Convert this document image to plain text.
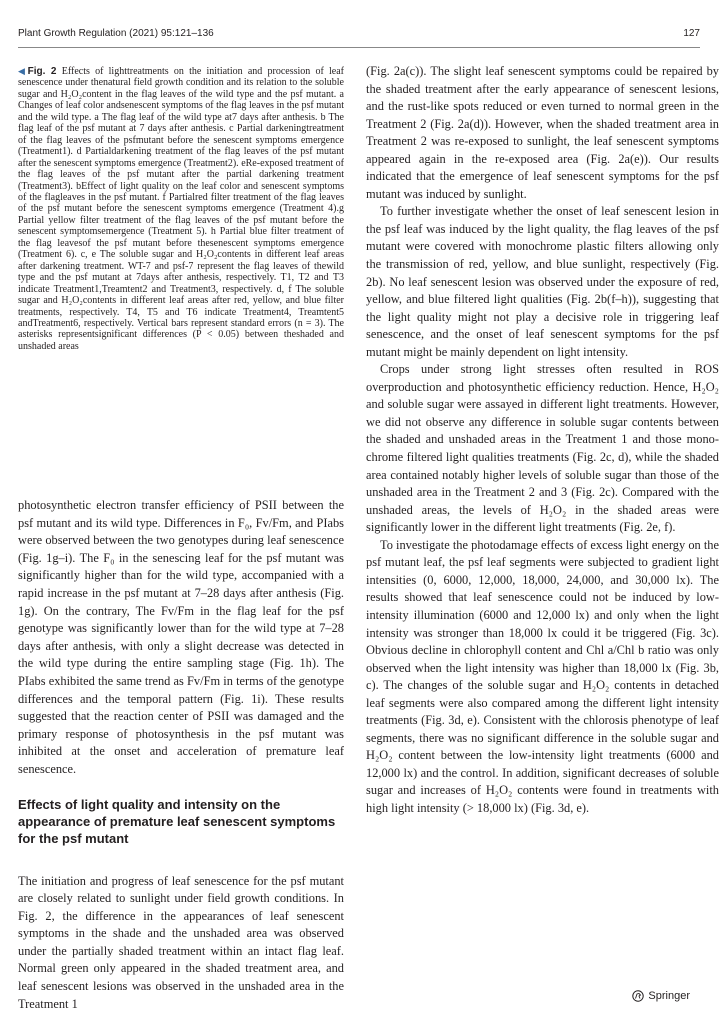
Plant Growth Regulation (2021) 95:121–136	127
◀Fig. 2 Effects of lighttreatments on the initiation and procession of leaf senescence under thenatural field growth condition and its relation to the soluble sugar and H₂O₂content in the flag leaves of the wild type and the psf mutant. a Changes of leaf color andsenescent symptoms of the flag leaves in the psf mutant and the wild type. a The flag leaf of the wild type at7 days after anthesis. b The flag leaf of the psf mutant at 7 days after anthesis. c Partial darkeningtreatment of the flag leaves of the psfmutant before the senescent symptoms emergence (Treatment1). d Partialdarkening treatment of the flag leaves of the psf mutant after the senescent symptoms emergence (Treatment2). eRe-exposed treatment of the flag leaves of the psf mutant after the partial darkening treatment (Treatment3). bEffect of light quality on the leaf color and senescent symptoms of the flagleaves in the psf mutant. f Partialred filter treatment of the flag leaves of the psf mutant before the senescent symptoms emergence (Treatment 4).g Partial yellow filter treatment of the flag leaves of the psf mutant before the senescent symptomsemergence (Treatment 5). h Partial blue filter treatment of the flag leavesof the psf mutant before thesenescent symptoms emergence (Treatment 6). c, e The soluble sugar and H₂O₂contents in different leaf areas after darkening treatment. WT-7 and psf-7 represent the flag leaves of thewild type and the psf mutant at 7days after anthesis, respectively. T1, T2 and T3 indicate Treatment1,Treamtent2 and Treatment3, respectively. d, f The soluble sugar and H₂O₂contents in different leaf areas after red, yellow, and blue filter treatments, respectively. T4, T5 and T6 indicate Treatment4, Treamtent5 andTreatment6, respectively. Vertical bars represent standard errors (n = 3). The asterisks representsignificant differences (P < 0.05) between theshaded and unshaded areas

photosynthetic electron transfer efficiency of PSII between the psf mutant and its wild type. Differences in F₀, Fv/Fm, and PIabs were observed between the two genotypes during leaf senescence (Fig. 1g–i). The F₀ in the senescing leaf for the psf mutant was significantly higher than for the wild type, accompanied with a rapid increase in the psf mutant at 7–28 days after anthesis (Fig. 1g). On the contrary, The Fv/Fm in the flag leaf for the psf genotype was significantly lower than for the wild type at 7–28 days after anthesis, with only a slight decrease was detected in the wild type during the entire sampling stage (Fig. 1h). The PIabs exhibited the same trend as Fv/Fm in terms of the genotype differences and the temporal pattern (Fig. 1i). These results suggested that the reaction center of PSII was damaged and the primary response of photosynthesis in the psf mutant was inhibited at the onset and acceleration of premature leaf senescence.

Effects of light quality and intensity on the appearance of premature leaf senescent symptoms for the psf mutant

The initiation and progress of leaf senescence for the psf mutant are closely related to sunlight under field growth conditions. In Fig. 2, the difference in the appearances of leaf senescent symptoms in the shade and the unshaded area was observed under the partially shaded treatment within an intact flag leaf. Normal green only appeared in the shaded treatment area, and leaf senescent lesions was observed in the unshaded area in the Treatment 1

(Fig. 2a(c)). The slight leaf senescent symptoms could be repaired by the shaded treatment after the early appearance of senescent lesions, and the rust-like spots reduced or even turned to normal green in the Treatment 2 (Fig. 2a(d)). However, when the shaded treatment area in Treatment 2 was re-exposed to sunlight, the leaf senescent symptoms appeared again in the re-exposed area (Fig. 2a(e)). Our results indicated that the emergence of leaf senescent symptoms for the psf mutant was induced by sunlight.

To further investigate whether the onset of leaf senescent lesion in the psf leaf was induced by the light quality, the flag leaves of the psf mutant were covered with monochrome plastic filters allowing only the transmission of red, yellow, and blue sunlight, respectively (Fig. 2b). No leaf senescent lesion was observed under the exposure of red, yellow, and blue filtered light qualities (Fig. 2b(f–h)), suggesting that the light quality might not play a decisive role in triggering leaf senescence, and the onset of leaf senescent symptoms for the psf mutant might be mainly dependent on light intensity.

Crops under strong light stresses often resulted in ROS overproduction and photosynthetic efficiency reduction. Hence, H₂O₂ and soluble sugar were assayed in different light treatments. However, we did not observe any difference in soluble sugar contents between the shaded and unshaded areas in the Treatment 1 and those mono-chrome filtered light qualities treatments (Fig. 2c, d), while the shaded area contained notably higher levels of soluble sugar than those of the unshaded area in the Treatment 2 and 3 (Fig. 2c). Compared with the unshaded areas, the levels of H₂O₂ in the shaded areas were significantly lower in the different light treatments (Fig. 2e, f).

To investigate the photodamage effects of excess light energy on the psf mutant leaf, the psf leaf segments were subjected to gradient light intensities (0, 6000, 12,000, 18,000, 24,000, and 30,000 lx). The results showed that leaf senescence could not be induced by low-intensity illumination (6000 and 12,000 lx) and only when the light intensity was stronger than 18,000 lx could it be triggered (Fig. 3c). Obvious decline in chlorophyll content and Chl a/Chl b ratio was only observed when the light intensity was higher than 18,000 lx (Fig. 3b, c). The changes of the soluble sugar and H₂O₂ contents in detached leaf segments were also compared among the different light intensity treatments (Fig. 3d, e). Consistent with the chlorosis phenotype of leaf segments, there was no significant difference in the soluble sugar and H₂O₂ content between the low-intensity light treatments (6000 and 12,000 lx) and the control. In addition, significant decreases of soluble sugar and increases of H₂O₂ contents were found in treatments with high light intensity (> 18,000 lx) (Fig. 3d, e).

Springer
